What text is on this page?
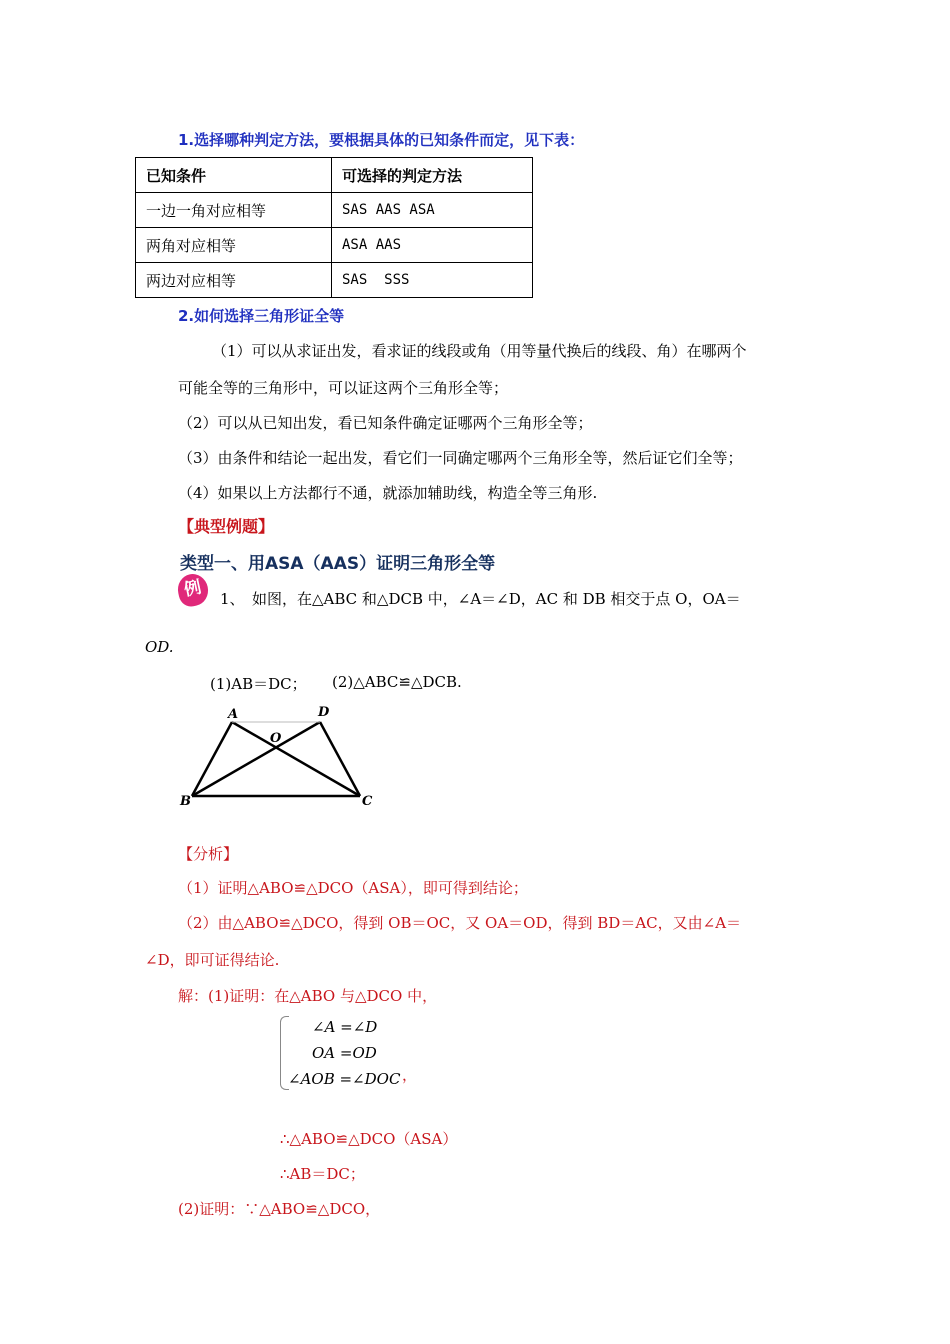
1.选择哪种判定方法，要根据具体的已知条件而定，见下表：
已知条件	可选择的判定方法
一边一角对应相等	SAS AAS ASA
两角对应相等	ASA AAS
两边对应相等	SAS  SSS
2.如何选择三角形证全等
（1）可以从求证出发，看求证的线段或角（用等量代换后的线段、角）在哪两个
可能全等的三角形中，可以证这两个三角形全等；
（2）可以从已知出发，看已知条件确定证哪两个三角形全等；
（3）由条件和结论一起出发，看它们一同确定哪两个三角形全等，然后证它们全等；
（4）如果以上方法都行不通，就添加辅助线，构造全等三角形.
【典型例题】
类型一、用ASA（AAS）证明三角形全等
例	1、 如图，在△ABC 和△DCB 中，∠A＝∠D，AC 和 DB 相交于点 O，OA＝
OD.
(1)AB＝DC； (2)△ABC≌△DCB.
A	D
O
B	C
【分析】
（1）证明△ABO≌△DCO（ASA），即可得到结论；
（2）由△ABO≌△DCO，得到 OB＝OC，又 OA＝OD，得到 BD＝AC，又由∠A＝
∠D，即可证得结论.
解：(1)证明：在△ABO 与△DCO 中，
∠A =∠D
OA =OD
∠AOB =∠DOC ，
∴△ABO≌△DCO（ASA）
∴AB＝DC；
(2)证明：∵△ABO≌△DCO，
